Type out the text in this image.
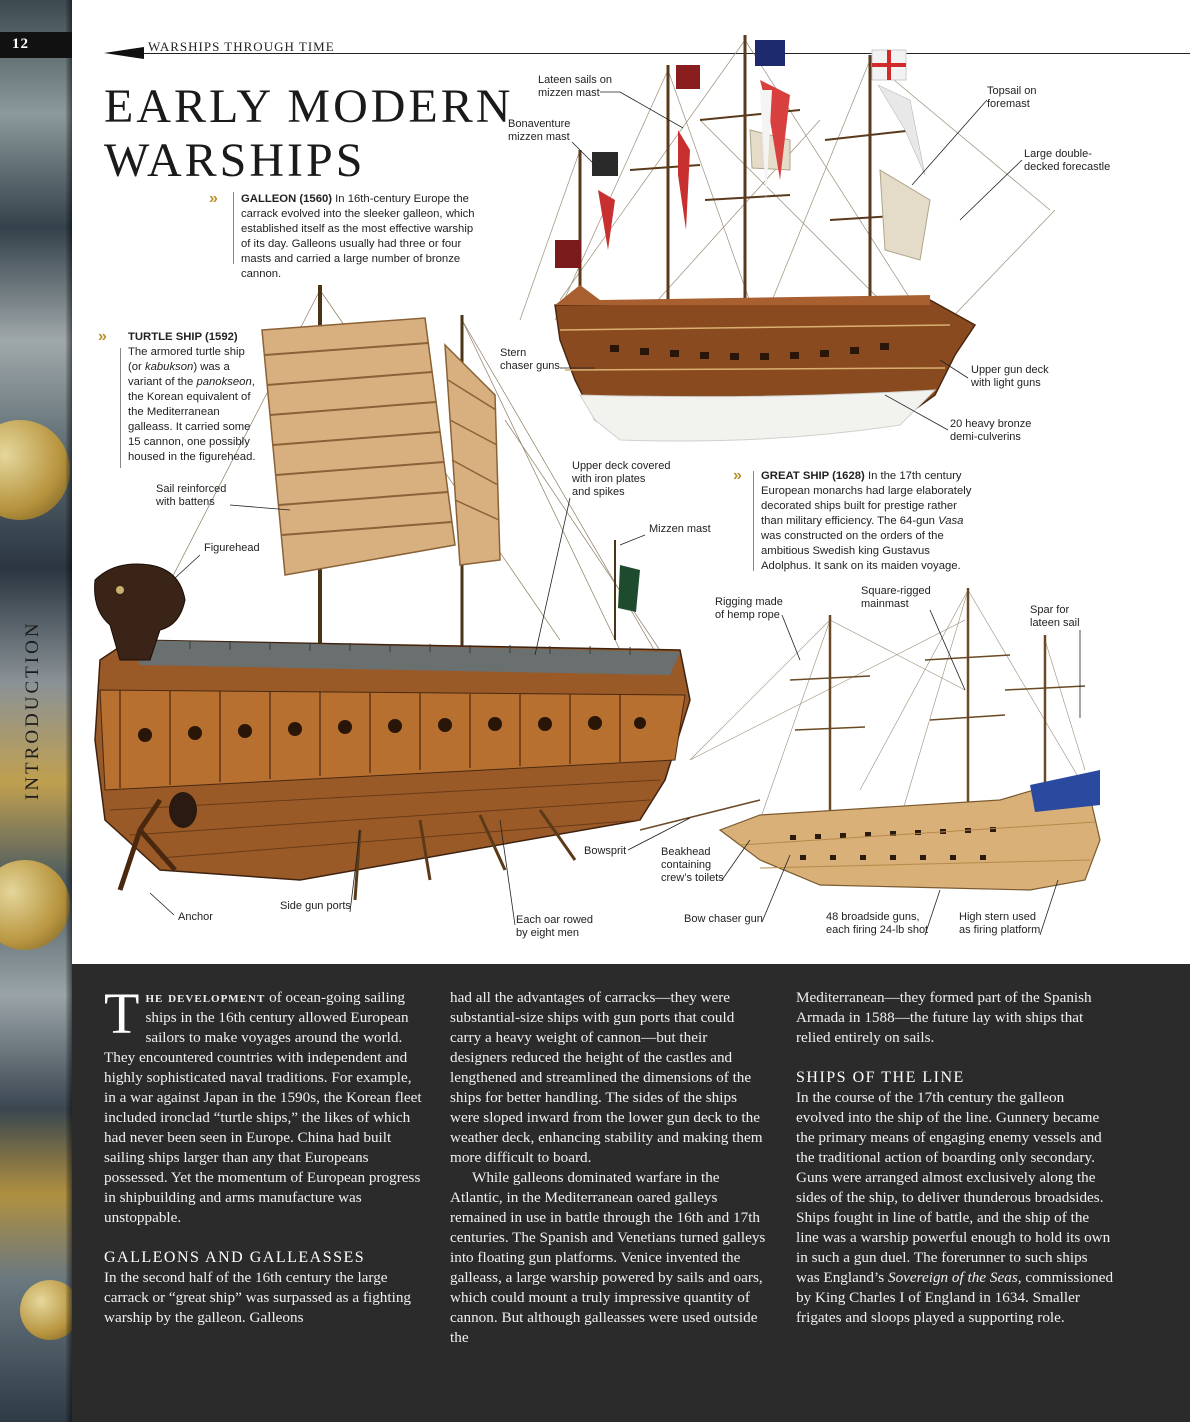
12
INTRODUCTION
WARSHIPS THROUGH TIME
EARLY MODERN
WARSHIPS
»	GALLEON (1560) In 16th-century Europe the carrack evolved into the sleeker galleon, which established itself as the most effective warship of its day. Galleons usually had three or four masts and carried a large number of bronze cannon.
»	TURTLE SHIP (1592)
The armored turtle ship (or kabukson) was a variant of the panokseon, the Korean equivalent of the Mediterranean galleass. It carried some 15 cannon, one possibly housed in the figurehead.
»	GREAT SHIP (1628) In the 17th century European monarchs had large elaborately decorated ships built for prestige rather than military efficiency. The 64-gun Vasa was constructed on the orders of the ambitious Swedish king Gustavus Adolphus. It sank on its maiden voyage.
Lateen sails on
mizzen mast
Bonaventure
mizzen mast
Topsail on
foremast
Large double-
decked forecastle
Stern
chaser guns	Upper gun deck
with light guns
20 heavy bronze
demi-culverins
Sail reinforced
with battens
Figurehead
Upper deck covered
with iron plates
and spikes
Mizzen mast
Rigging made
of hemp rope
Square-rigged
mainmast	Spar for
lateen sail
Bowsprit	Beakhead
containing
crew’s toilets
Anchor
Side gun ports
Each oar rowed
by eight men
Bow chaser gun	48 broadside guns,
each firing 24-lb shot
High stern used
as firing platform

The development of ocean-going sailing ships in the 16th century allowed European sailors to make voyages around the world. They encountered countries with independent and highly sophisticated naval traditions. For example, in a war against Japan in the 1590s, the Korean fleet included ironclad “turtle ships,” the likes of which had never been seen in Europe. China had built sailing ships larger than any that Europeans possessed. Yet the momentum of European progress in shipbuilding and arms manufacture was unstoppable.

GALLEONS AND GALLEASSES

In the second half of the 16th century the large carrack or “great ship” was surpassed as a fighting warship by the galleon. Galleons

had all the advantages of carracks—they were substantial-size ships with gun ports that could carry a heavy weight of cannon—but their designers reduced the height of the castles and lengthened and streamlined the dimensions of the ships for better handling. The sides of the ships were sloped inward from the lower gun deck to the weather deck, enhancing stability and making them more difficult to board.

While galleons dominated warfare in the Atlantic, in the Mediterranean oared galleys remained in use in battle through the 16th and 17th centuries. The Spanish and Venetians turned galleys into floating gun platforms. Venice invented the galleass, a large warship powered by sails and oars, which could mount a truly impressive quantity of cannon. But although galleasses were used outside the

Mediterranean—they formed part of the Spanish Armada in 1588—the future lay with ships that relied entirely on sails.

SHIPS OF THE LINE

In the course of the 17th century the galleon evolved into the ship of the line. Gunnery became the primary means of engaging enemy vessels and the traditional action of boarding only secondary. Guns were arranged almost exclusively along the sides of the ship, to deliver thunderous broadsides. Ships fought in line of battle, and the ship of the line was a warship powerful enough to hold its own in such a gun duel. The forerunner to such ships was England’s Sovereign of the Seas, commissioned by King Charles I of England in 1634. Smaller frigates and sloops played a supporting role.
